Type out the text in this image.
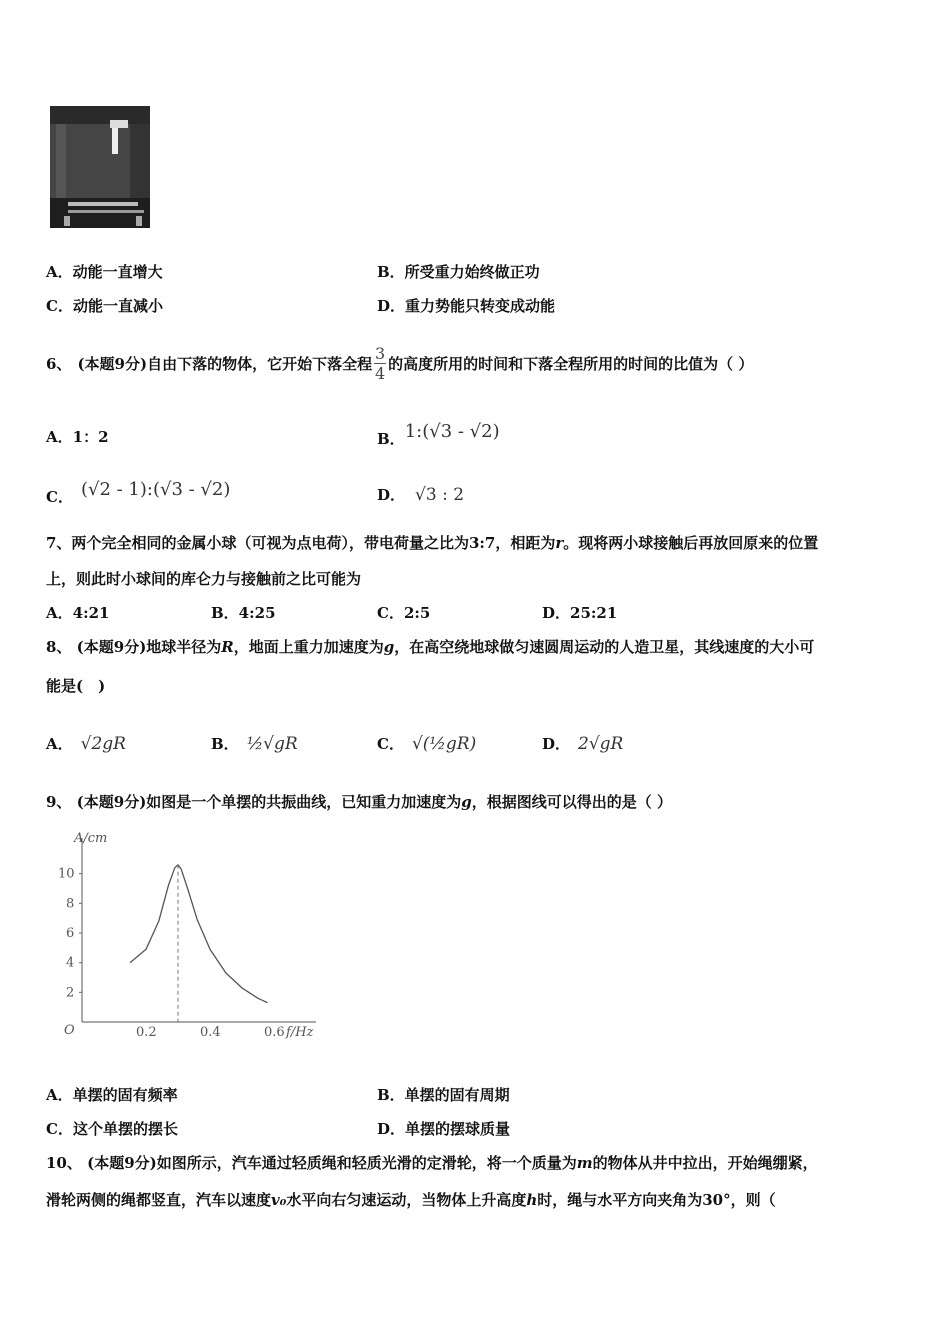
A．动能一直增大	B．所受重力始终做正功
C．动能一直减小	D．重力势能只转变成动能
6、 (本题9分) 自由下落的物体，它开始下落全程 $\frac{3}{4}$ 的高度所用的时间和下落全程所用的时间的比值为（ ）
A．1：2	B． 1:(√3 - √2)
C． (√2 - 1):(√3 - √2)	D． √3 : 2
7、两个完全相同的金属小球（可视为点电荷），带电荷量之比为3:7，相距为r。现将两小球接触后再放回原来的位置
上，则此时小球间的库仑力与接触前之比可能为
A．4:21	B．4:25	C．2:5	D．25:21
8、 (本题9分)地球半径为R，地面上重力加速度为g，在高空绕地球做匀速圆周运动的人造卫星，其线速度的大小可
能是(　)
A． √2gR	B． ½√gR	C． √(½gR)	D． 2√gR
9、 (本题9分)如图是一个单摆的共振曲线，已知重力加速度为g，根据图线可以得出的是（ ）
0.2	0.4	0.6
2
4
6
8
10
A/cm
f/Hz
O
A．单摆的固有频率	B．单摆的固有周期
C．这个单摆的摆长	D．单摆的摆球质量
10、 (本题9分)如图所示，汽车通过轻质绳和轻质光滑的定滑轮，将一个质量为m的物体从井中拉出，开始绳绷紧，
滑轮两侧的绳都竖直，汽车以速度v₀水平向右匀速运动，当物体上升高度h时，绳与水平方向夹角为30°，则（
